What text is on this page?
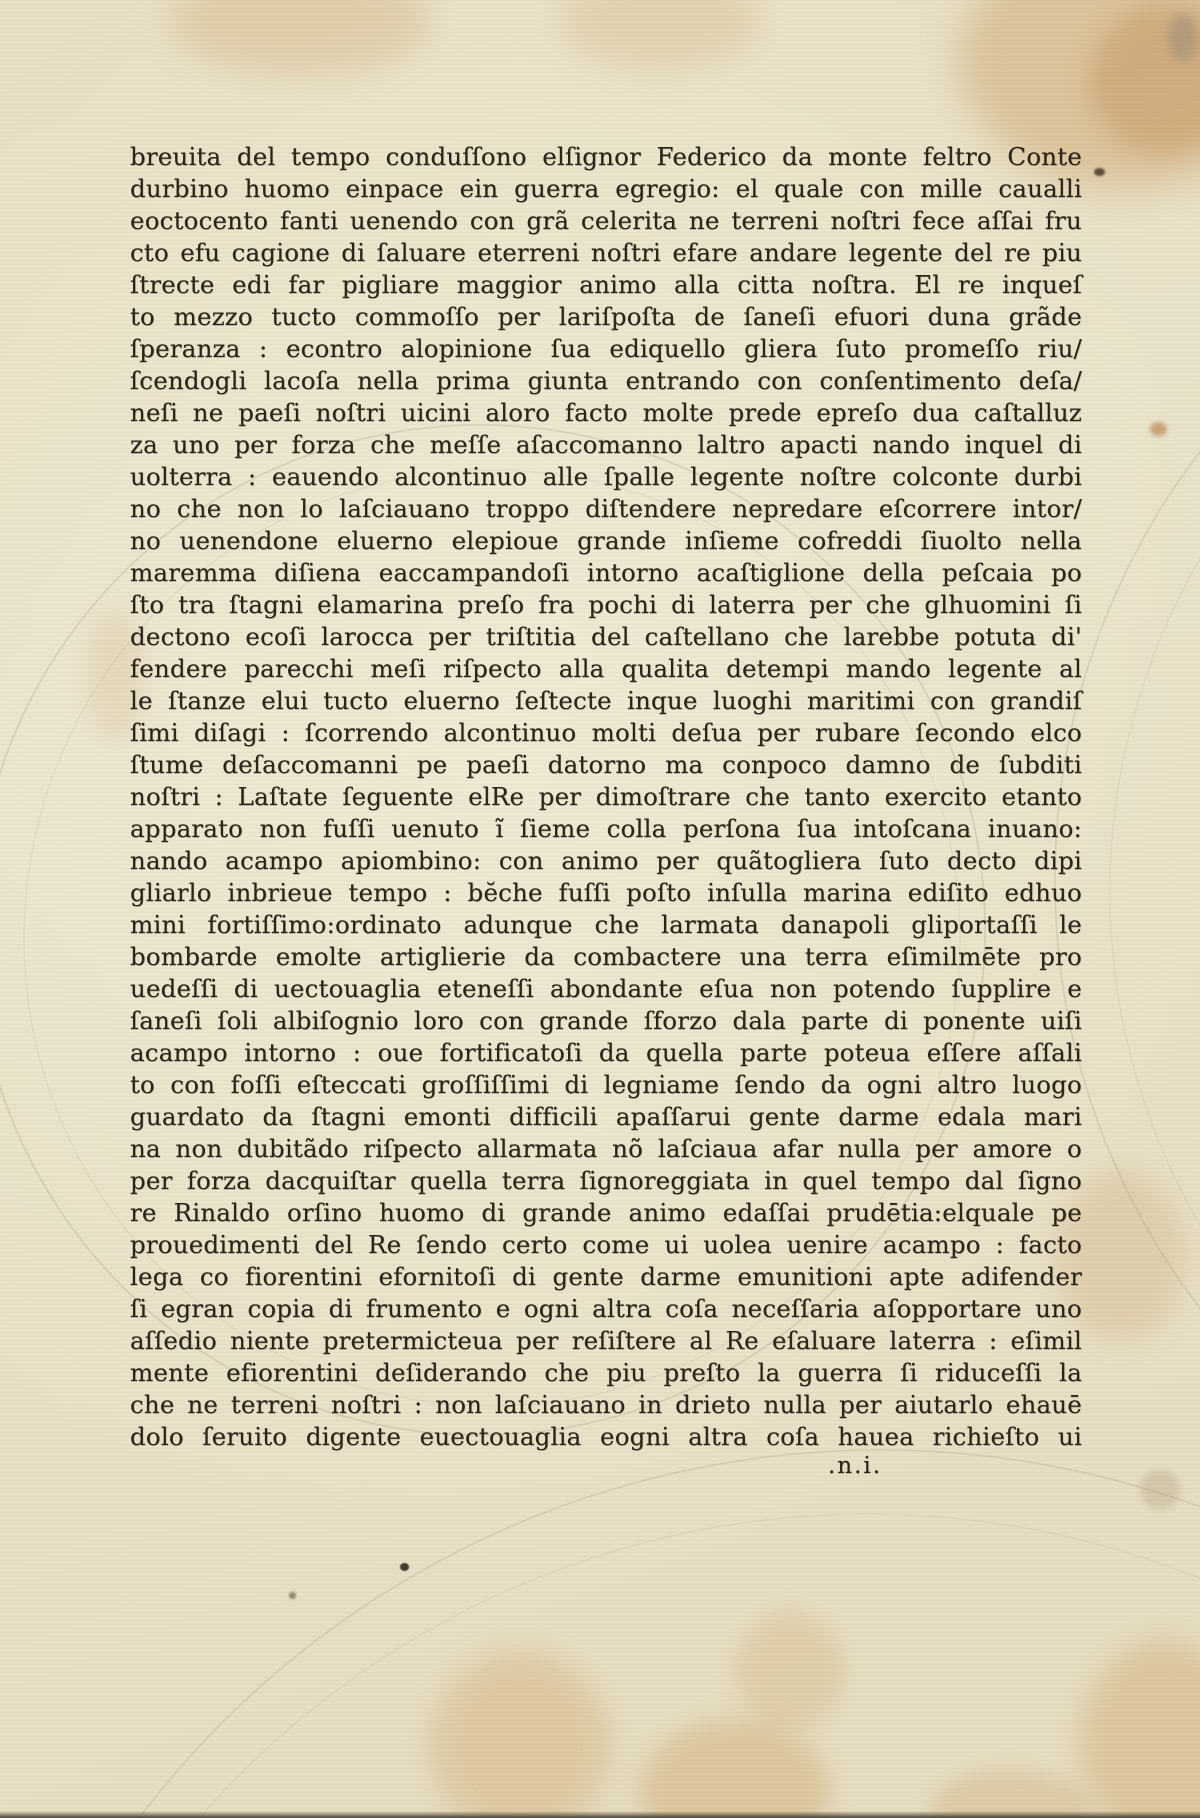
breuita del tempo conduſſono elſignor Federico da monte feltro Conte
durbino huomo einpace ein guerra egregio: el quale con mille caualli
eoctocento fanti uenendo con grã celerita ne terreni noſtri fece aſſai fru
cto efu cagione di ſaluare eterreni noſtri efare andare legente del re piu
ſtrecte edi far pigliare maggior animo alla citta noſtra. El re inqueſ
to mezzo tucto commoſſo per lariſpoſta de ſaneſi efuori duna grãde
ſperanza : econtro alopinione ſua ediquello gliera ſuto promeſſo riu/
ſcendogli lacoſa nella prima giunta entrando con conſentimento deſa/
neſi ne paeſi noſtri uicini aloro facto molte prede epreſo dua caſtalluz
za uno per forza che meſſe aſaccomanno laltro apacti nando inquel di
uolterra : eauendo alcontinuo alle ſpalle legente noſtre colconte durbi
no che non lo laſciauano troppo diſtendere nepredare eſcorrere intor/
no uenendone eluerno elepioue grande inſieme cofreddi ſiuolto nella
maremma diſiena eaccampandoſi intorno acaſtiglione della peſcaia po
ſto tra ſtagni elamarina preſo fra pochi di laterra per che glhuomini ſi
dectono ecoſi larocca per triſtitia del caſtellano che larebbe potuta di'
fendere parecchi meſi riſpecto alla qualita detempi mando legente al
le ſtanze elui tucto eluerno ſeſtecte inque luoghi maritimi con grandiſ
ſimi diſagi : ſcorrendo alcontinuo molti deſua per rubare ſecondo elco
ſtume deſaccomanni pe paeſi datorno ma conpoco damno de ſubditi
noſtri : Laſtate ſeguente elRe per dimoſtrare che tanto exercito etanto
apparato non fuſſi uenuto ĩ ſieme colla perſona ſua intoſcana inuano:
nando acampo apiombino: con animo per quãtogliera ſuto decto dipi
gliarlo inbrieue tempo : bĕche fuſſi poſto inſulla marina ediſito edhuo
mini fortiſſimo:ordinato adunque che larmata danapoli gliportaſſi le
bombarde emolte artiglierie da combactere una terra eſimilmēte pro
uedeſſi di uectouaglia eteneſſi abondante eſua non potendo ſupplire e
ſaneſi ſoli albiſognio loro con grande ſforzo dala parte di ponente uiſi
acampo intorno : oue fortificatoſi da quella parte poteua eſſere aſſali
to con foſſi eſteccati groſſiſſimi di legniame ſendo da ogni altro luogo
guardato da ſtagni emonti difficili apaſſarui gente darme edala mari
na non dubitãdo riſpecto allarmata nõ laſciaua afar nulla per amore o
per forza dacquiſtar quella terra ſignoreggiata in quel tempo dal ſigno
re Rinaldo orſino huomo di grande animo edaſſai prudētia:elquale pe
prouedimenti del Re ſendo certo come ui uolea uenire acampo : facto
lega co fiorentini efornitoſi di gente darme emunitioni apte adifender
ſi egran copia di frumento e ogni altra coſa neceſſaria aſopportare uno
aſſedio niente pretermicteua per reſiſtere al Re eſaluare laterra : eſimil
mente efiorentini deſiderando che piu preſto la guerra ſi riduceſſi la
che ne terreni noſtri : non laſciauano in drieto nulla per aiutarlo ehauē
dolo ſeruito digente euectouaglia eogni altra coſa hauea richieſto ui
.n.i.
